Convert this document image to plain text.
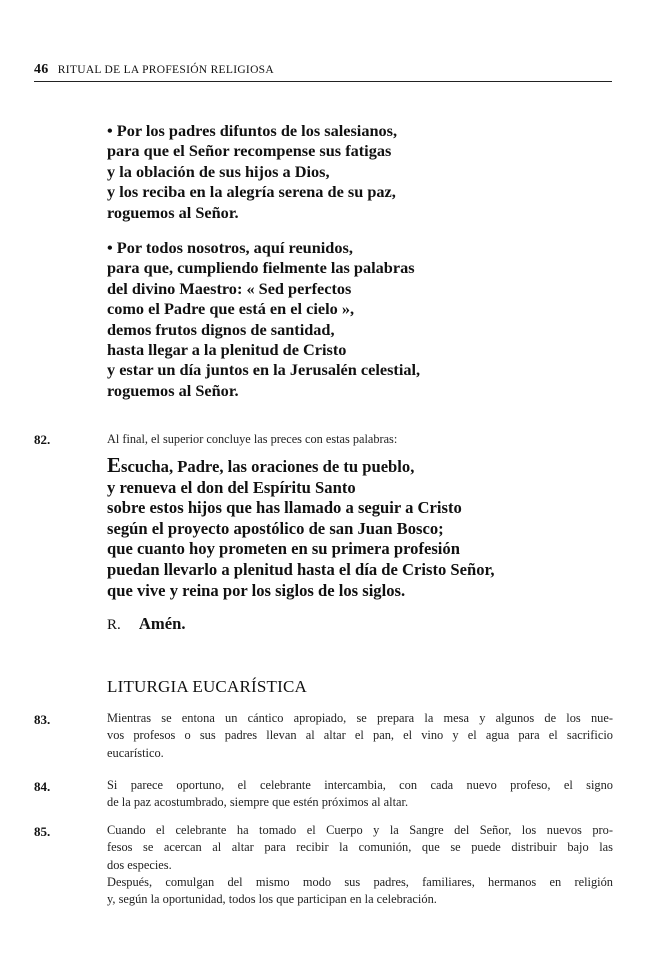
46 RITUAL DE LA PROFESIÓN RELIGIOSA
• Por los padres difuntos de los salesianos,
para que el Señor recompense sus fatigas
y la oblación de sus hijos a Dios,
y los reciba en la alegría serena de su paz,
roguemos al Señor.
• Por todos nosotros, aquí reunidos,
para que, cumpliendo fielmente las palabras
del divino Maestro: « Sed perfectos
como el Padre que está en el cielo »,
demos frutos dignos de santidad,
hasta llegar a la plenitud de Cristo
y estar un día juntos en la Jerusalén celestial,
roguemos al Señor.
82.	Al final, el superior concluye las preces con estas palabras:
Escucha, Padre, las oraciones de tu pueblo,
y renueva el don del Espíritu Santo
sobre estos hijos que has llamado a seguir a Cristo
según el proyecto apostólico de san Juan Bosco;
que cuanto hoy prometen en su primera profesión
puedan llevarlo a plenitud hasta el día de Cristo Señor,
que vive y reina por los siglos de los siglos.
R. Amén.
LITURGIA EUCARÍSTICA
83.	Mientras se entona un cántico apropiado, se prepara la mesa y algunos de los nue-
vos profesos o sus padres llevan al altar el pan, el vino y el agua para el sacrificio
eucarístico.
84.	Si parece oportuno, el celebrante intercambia, con cada nuevo profeso, el signo
de la paz acostumbrado, siempre que estén próximos al altar.
85.	Cuando el celebrante ha tomado el Cuerpo y la Sangre del Señor, los nuevos pro-
fesos se acercan al altar para recibir la comunión, que se puede distribuir bajo las
dos especies.
Después, comulgan del mismo modo sus padres, familiares, hermanos en religión
y, según la oportunidad, todos los que participan en la celebración.
